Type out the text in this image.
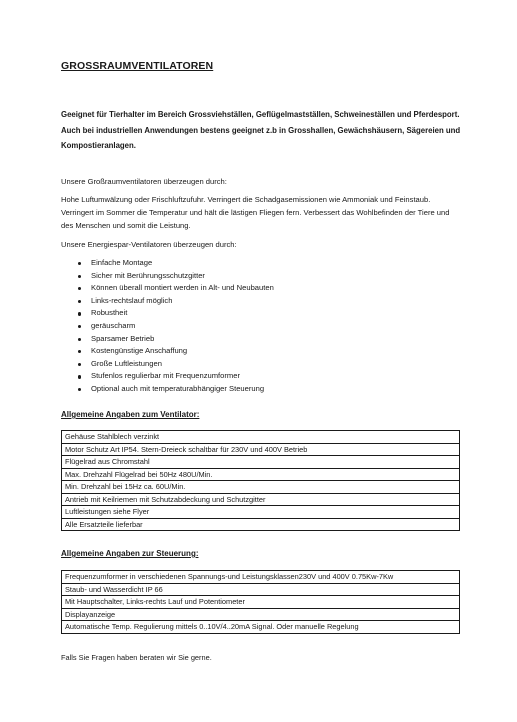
GROSSRAUMVENTILATOREN
Geeignet für Tierhalter im Bereich Grossviehställen, Geflügelmastställen, Schweineställen und Pferdesport. Auch bei industriellen Anwendungen bestens geeignet z.b in Grosshallen, Gewächshäusern, Sägereien und Kompostieranlagen.
Unsere Großraumventilatoren überzeugen durch:
Hohe Luftumwälzung oder Frischluftzufuhr. Verringert die Schadgasemissionen wie Ammoniak und Feinstaub. Verringert im Sommer die Temperatur und hält die lästigen Fliegen fern. Verbessert das Wohlbefinden der Tiere und des Menschen und somit die Leistung.
Unsere Energiespar-Ventilatoren überzeugen durch:
Einfache Montage
Sicher mit Berührungsschutzgitter
Können überall montiert werden in Alt- und Neubauten
Links-rechtslauf möglich
Robustheit
geräuscharm
Sparsamer Betrieb
Kostengünstige Anschaffung
Große Luftleistungen
Stufenlos regulierbar mit Frequenzumformer
Optional auch mit temperaturabhängiger Steuerung
Allgemeine Angaben zum Ventilator:
Gehäuse Stahlblech verzinkt
Motor Schutz Art IP54. Stern-Dreieck schaltbar für 230V und 400V Betrieb
Flügelrad aus Chromstahl
Max. Drehzahl Flügelrad bei 50Hz 480U/Min.
Min. Drehzahl bei 15Hz ca. 60U/Min.
Antrieb mit Keilriemen mit Schutzabdeckung und Schutzgitter
Luftleistungen siehe Flyer
Alle Ersatzteile lieferbar
Allgemeine Angaben zur Steuerung:
Frequenzumformer in verschiedenen Spannungs-und Leistungsklassen230V und 400V 0.75Kw-7Kw
Staub- und Wasserdicht IP 66
Mit Hauptschalter, Links-rechts Lauf und Potentiometer
Displayanzeige
Automatische Temp. Regulierung mittels 0..10V/4..20mA Signal. Oder manuelle Regelung
Falls Sie Fragen haben beraten wir Sie gerne.
